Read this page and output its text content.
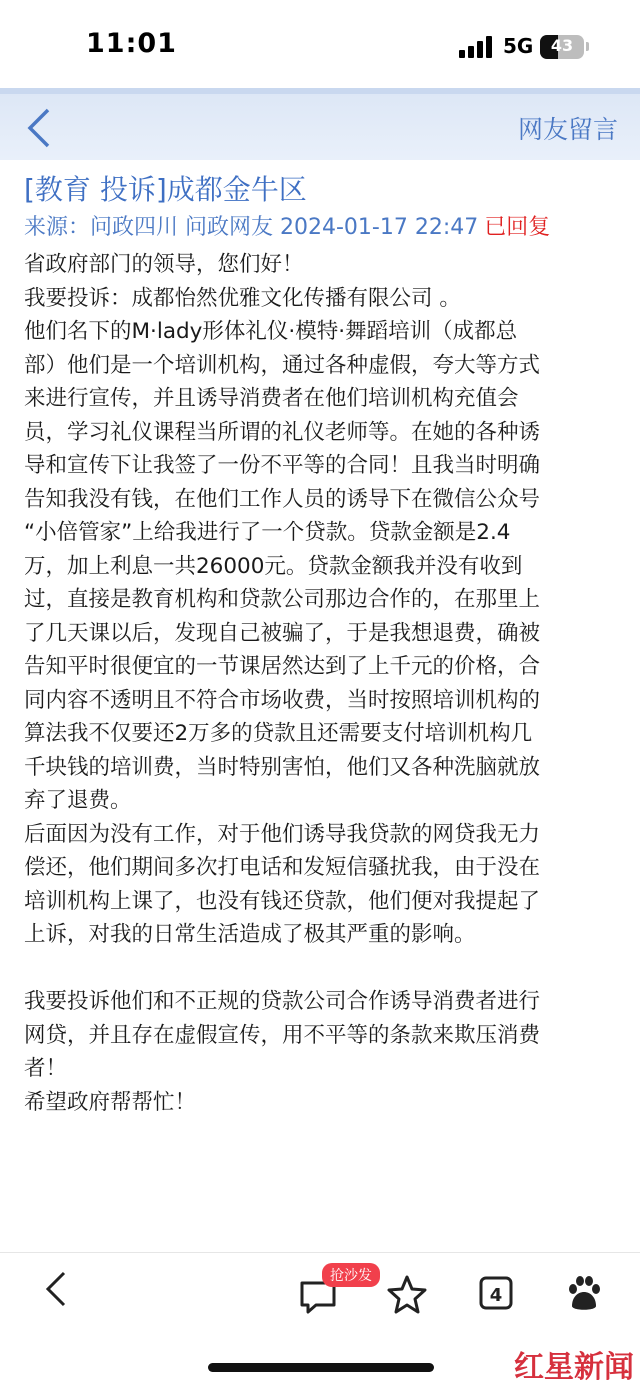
11:01	5G	43
网友留言
[教育 投诉]成都金牛区
来源：问政四川 问政网友 2024-01-17 22:47 已回复

省政府部门的领导，您们好！

我要投诉：成都怡然优雅文化传播有限公司 。

他们名下的M·lady形体礼仪·模特·舞蹈培训（成都总

部）他们是一个培训机构，通过各种虚假，夸大等方式

来进行宣传，并且诱导消费者在他们培训机构充值会

员，学习礼仪课程当所谓的礼仪老师等。在她的各种诱

导和宣传下让我签了一份不平等的合同！且我当时明确

告知我没有钱，在他们工作人员的诱导下在微信公众号

“小倍管家”上给我进行了一个贷款。贷款金额是2.4

万，加上利息一共26000元。贷款金额我并没有收到

过，直接是教育机构和贷款公司那边合作的，在那里上

了几天课以后，发现自己被骗了，于是我想退费，确被

告知平时很便宜的一节课居然达到了上千元的价格，合

同内容不透明且不符合市场收费，当时按照培训机构的

算法我不仅要还2万多的贷款且还需要支付培训机构几

千块钱的培训费，当时特别害怕，他们又各种洗脑就放

弃了退费。

后面因为没有工作，对于他们诱导我贷款的网贷我无力

偿还，他们期间多次打电话和发短信骚扰我，由于没在

培训机构上课了，也没有钱还贷款，他们便对我提起了

上诉，对我的日常生活造成了极其严重的影响。

我要投诉他们和不正规的贷款公司合作诱导消费者进行

网贷，并且存在虚假宣传，用不平等的条款来欺压消费

者！

希望政府帮帮忙！

抢沙发
4
红星新闻
